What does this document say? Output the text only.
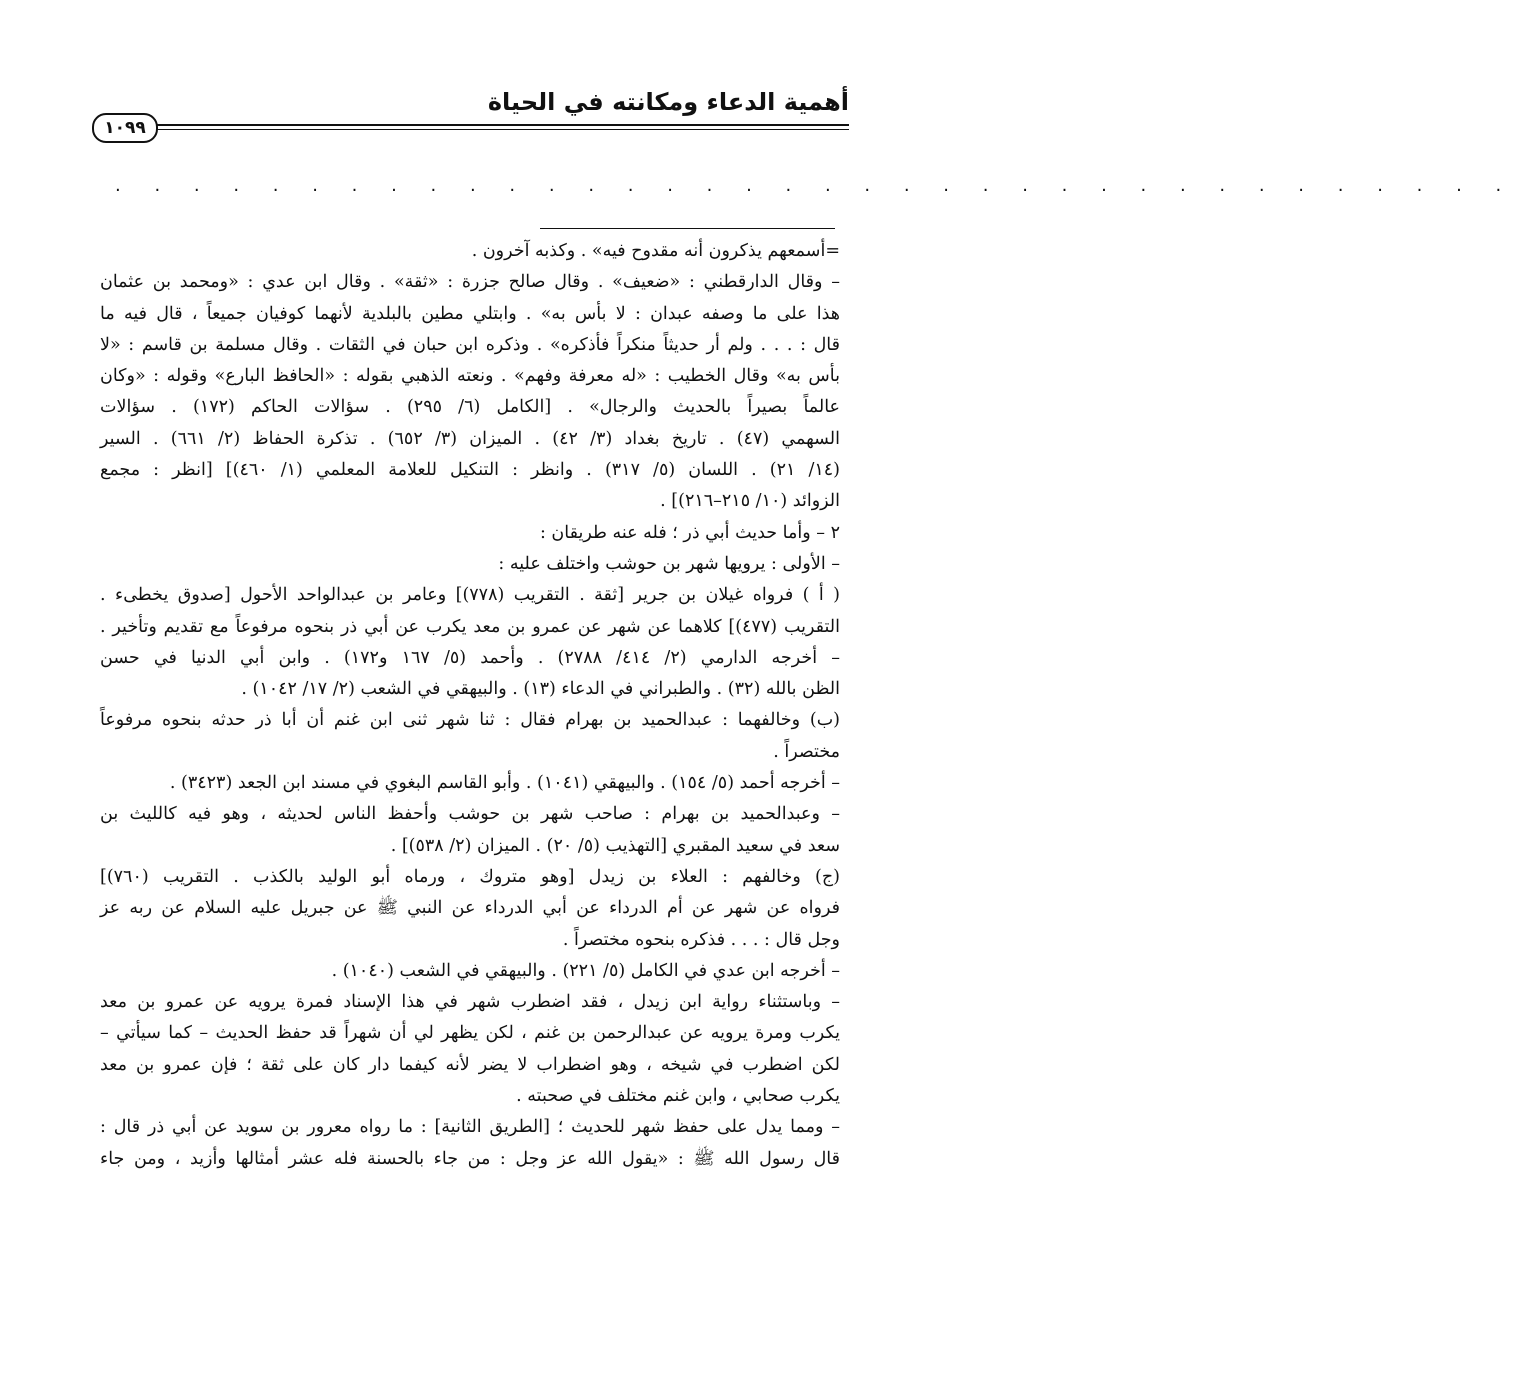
أهمية الدعاء ومكانته في الحياة
١٠٩٩
. . . . . . . . . . . . . . . . . . . . . . . . . . . . . . . . . . . .
=أسمعهم يذكرون أنه مقدوح فيه» . وكذبه آخرون .
– وقال الدارقطني : «ضعيف» . وقال صالح جزرة : «ثقة» . وقال ابن عدي : «ومحمد بن عثمان
هذا على ما وصفه عبدان : لا بأس به» . وابتلي مطين بالبلدية لأنهما كوفيان جميعاً ، قال فيه ما
قال : . . . ولم أر حديثاً منكراً فأذكره» . وذكره ابن حبان في الثقات . وقال مسلمة بن قاسم : «لا
بأس به» وقال الخطيب : «له معرفة وفهم» . ونعته الذهبي بقوله : «الحافظ البارع» وقوله : «وكان
عالماً بصيراً بالحديث والرجال» . [الكامل (٦/ ٢٩٥) . سؤالات الحاكم (١٧٢) . سؤالات
السهمي (٤٧) . تاريخ بغداد (٣/ ٤٢) . الميزان (٣/ ٦٥٢) . تذكرة الحفاظ (٢/ ٦٦١) . السير
(١٤/ ٢١) . اللسان (٥/ ٣١٧) . وانظر : التنكيل للعلامة المعلمي (١/ ٤٦٠)] [انظر : مجمع
الزوائد (١٠/ ٢١٥–٢١٦)] .
٢ – وأما حديث أبي ذر ؛ فله عنه طريقان :
– الأولى : يرويها شهر بن حوشب واختلف عليه :
( أ ) فرواه غيلان بن جرير [ثقة . التقريب (٧٧٨)] وعامر بن عبدالواحد الأحول [صدوق يخطىء .
التقريب (٤٧٧)] كلاهما عن شهر عن عمرو بن معد يكرب عن أبي ذر بنحوه مرفوعاً مع تقديم وتأخير .
– أخرجه الدارمي (٢/ ٤١٤/ ٢٧٨٨) . وأحمد (٥/ ١٦٧ و١٧٢) . وابن أبي الدنيا في حسن
الظن بالله (٣٢) . والطبراني في الدعاء (١٣) . والبيهقي في الشعب (٢/ ١٧/ ١٠٤٢) .
(ب) وخالفهما : عبدالحميد بن بهرام فقال : ثنا شهر ثنى ابن غنم أن أبا ذر حدثه بنحوه مرفوعاً
مختصراً .
– أخرجه أحمد (٥/ ١٥٤) . والبيهقي (١٠٤١) . وأبو القاسم البغوي في مسند ابن الجعد (٣٤٢٣) .
– وعبدالحميد بن بهرام : صاحب شهر بن حوشب وأحفظ الناس لحديثه ، وهو فيه كالليث بن
سعد في سعيد المقبري [التهذيب (٥/ ٢٠) . الميزان (٢/ ٥٣٨)] .
(ج) وخالفهم : العلاء بن زيدل [وهو متروك ، ورماه أبو الوليد بالكذب . التقريب (٧٦٠)]
فرواه عن شهر عن أم الدرداء عن أبي الدرداء عن النبي ﷺ عن جبريل عليه السلام عن ربه عز
وجل قال : . . . فذكره بنحوه مختصراً .
– أخرجه ابن عدي في الكامل (٥/ ٢٢١) . والبيهقي في الشعب (١٠٤٠) .
– وباستثناء رواية ابن زيدل ، فقد اضطرب شهر في هذا الإسناد فمرة يرويه عن عمرو بن معد
يكرب ومرة يرويه عن عبدالرحمن بن غنم ، لكن يظهر لي أن شهراً قد حفظ الحديث – كما سيأتي –
لكن اضطرب في شيخه ، وهو اضطراب لا يضر لأنه كيفما دار كان على ثقة ؛ فإن عمرو بن معد
يكرب صحابي ، وابن غنم مختلف في صحبته .
– ومما يدل على حفظ شهر للحديث ؛ [الطريق الثانية] : ما رواه معرور بن سويد عن أبي ذر قال :
قال رسول الله ﷺ : «يقول الله عز وجل : من جاء بالحسنة فله عشر أمثالها وأزيد ، ومن جاء
